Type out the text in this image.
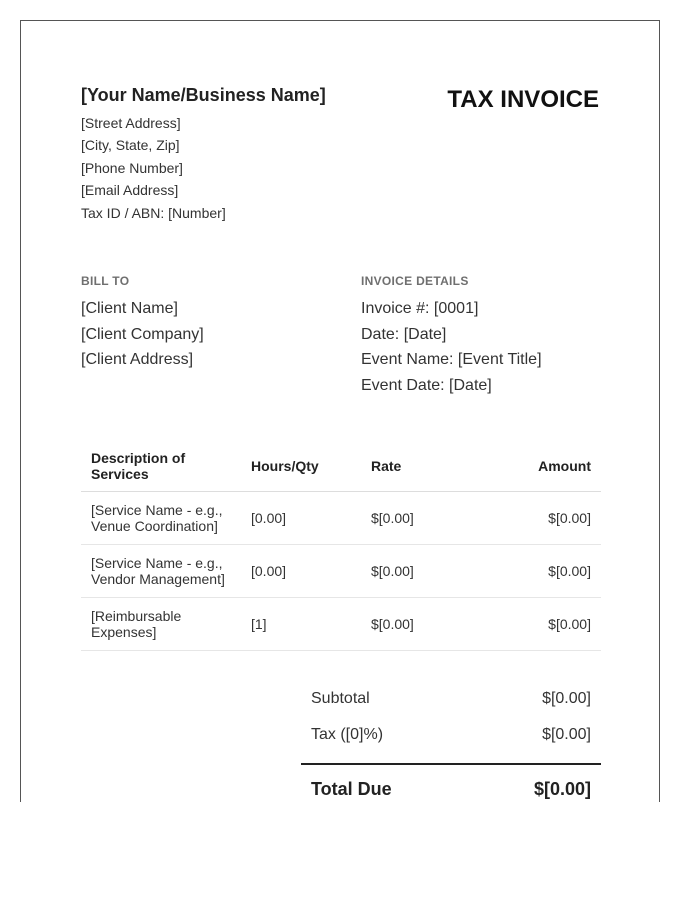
[Your Name/Business Name]
[Street Address]
[City, State, Zip]
[Phone Number]
[Email Address]
Tax ID / ABN: [Number]
TAX INVOICE
BILL TO
[Client Name]
[Client Company]
[Client Address]
INVOICE DETAILS
Invoice #: [0001]
Date: [Date]
Event Name: [Event Title]
Event Date: [Date]
Description of Services	Hours/Qty	Rate	Amount
[Service Name - e.g., Venue Coordination]	[0.00]	$[0.00]	$[0.00]
[Service Name - e.g., Vendor Management]	[0.00]	$[0.00]	$[0.00]
[Reimbursable Expenses]	[1]	$[0.00]	$[0.00]
Subtotal	$[0.00]
Tax ([0]%)	$[0.00]
Total Due	$[0.00]
